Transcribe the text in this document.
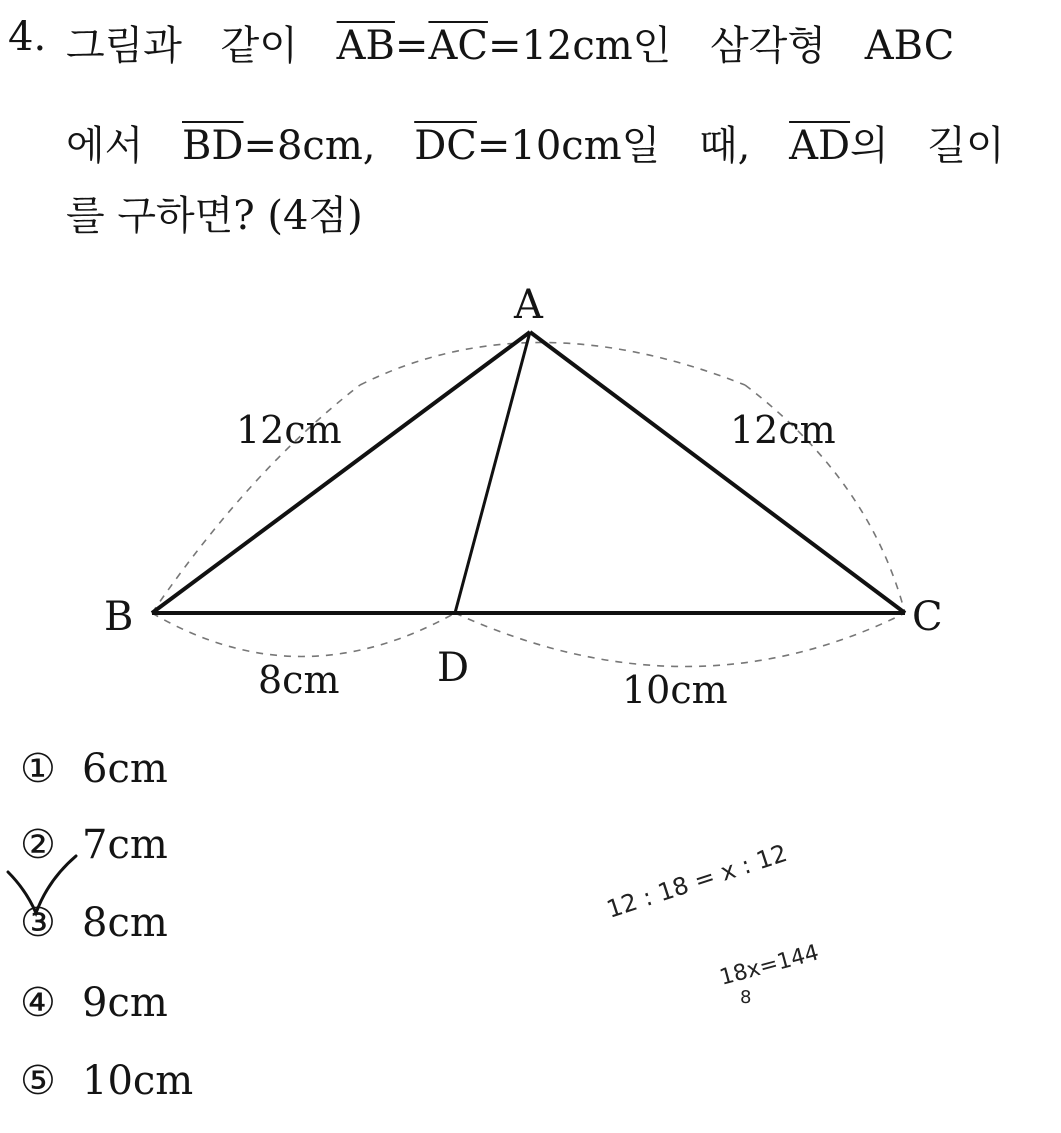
4. 그림과 같이 $\overline{AB}=\overline{AC}=12cm$인 삼각형 ABC
에서 $\overline{BD}=8cm$, $\overline{DC}=10cm$일 때, $\overline{AD}$의 길이
를 구하면? (4점)
A
B	C
D
12cm	12cm
8cm	10cm
① 6cm
② 7cm
③ 8cm
④ 9cm
⑤ 10cm
12 : 18 = x : 12
18x=144
8
